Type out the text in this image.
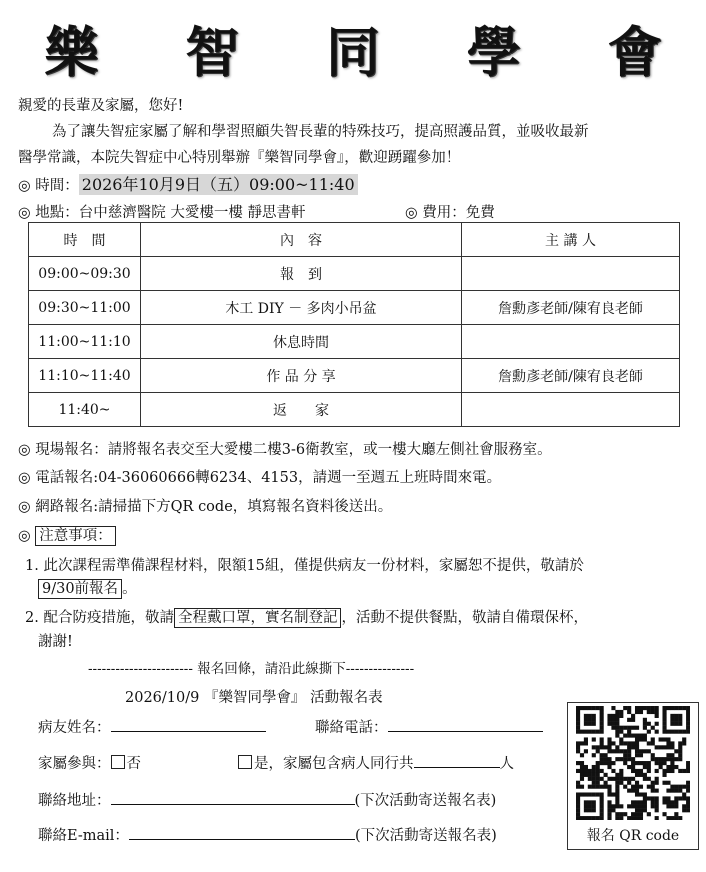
樂 智 同 學 會
親愛的長輩及家屬，您好!
為了讓失智症家屬了解和學習照顧失智長輩的特殊技巧，提高照護品質，並吸收最新
醫學常識，本院失智症中心特別舉辦『樂智同學會』，歡迎踴躍參加！
◎ 時間： 2026年10月9日（五）09:00~11:40
◎ 地點：台中慈濟醫院 大愛樓一樓 靜思書軒	◎ 費用：免費
時　間	內　容	主 講 人
09:00~09:30	報　到	
09:30~11:00	木工 DIY － 多肉小吊盆	詹勳彥老師/陳宥良老師
11:00~11:10	休息時間	
11:10~11:40	作 品 分 享	詹勳彥老師/陳宥良老師
11:40~	返　　家	
◎ 現場報名：請將報名表交至大愛樓二樓3-6衛教室，或一樓大廳左側社會服務室。
◎ 電話報名:04-36060666轉6234、4153，請週一至週五上班時間來電。
◎ 網路報名:請掃描下方QR code，填寫報名資料後送出。
◎ 注意事項：
1. 此次課程需準備課程材料，限額15組，僅提供病友一份材料，家屬恕不提供，敬請於
9/30前報名 。
2. 配合防疫措施，敬請 全程戴口罩，實名制登記 ，活動不提供餐點，敬請自備環保杯，
謝謝!
----------------------- 報名回條，請沿此線撕下---------------
2026/10/9 『樂智同學會』 活動報名表
病友姓名：	聯絡電話：
家屬參與： 否	是，家屬包含病人同行共	人
聯絡地址：	(下次活動寄送報名表)
聯絡E-mail：	(下次活動寄送報名表)	報名 QR code
